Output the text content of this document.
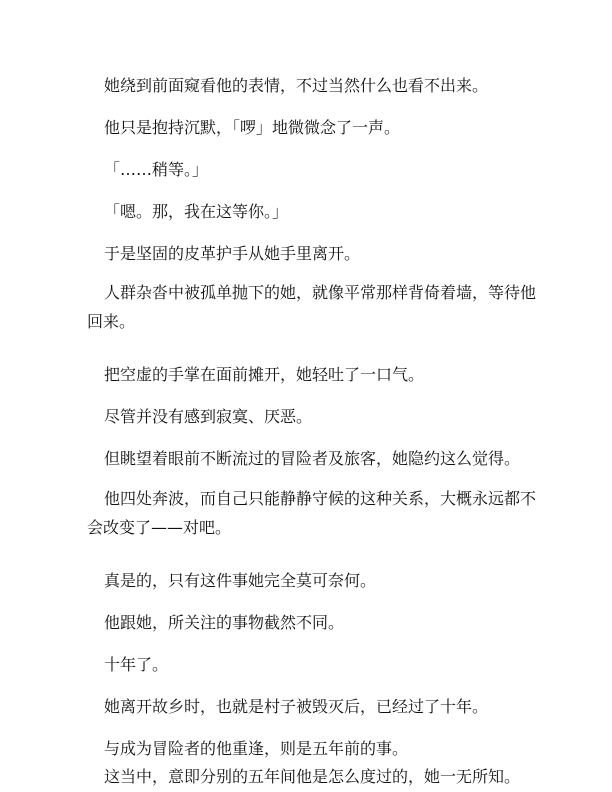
她绕到前面窥看他的表情，不过当然什么也看不出来。

他只是抱持沉默，「啰」地微微念了一声。

「……稍等。」

「嗯。那，我在这等你。」

于是坚固的皮革护手从她手里离开。

人群杂沓中被孤单抛下的她，就像平常那样背倚着墙，等待他回来。

把空虚的手掌在面前摊开，她轻吐了一口气。

尽管并没有感到寂寞、厌恶。

但眺望着眼前不断流过的冒险者及旅客，她隐约这么觉得。

他四处奔波，而自己只能静静守候的这种关系，大概永远都不会改变了——对吧。

真是的，只有这件事她完全莫可奈何。

他跟她，所关注的事物截然不同。

十年了。

她离开故乡时，也就是村子被毁灭后，已经过了十年。

与成为冒险者的他重逢，则是五年前的事。

这当中，意即分别的五年间他是怎么度过的，她一无所知。
